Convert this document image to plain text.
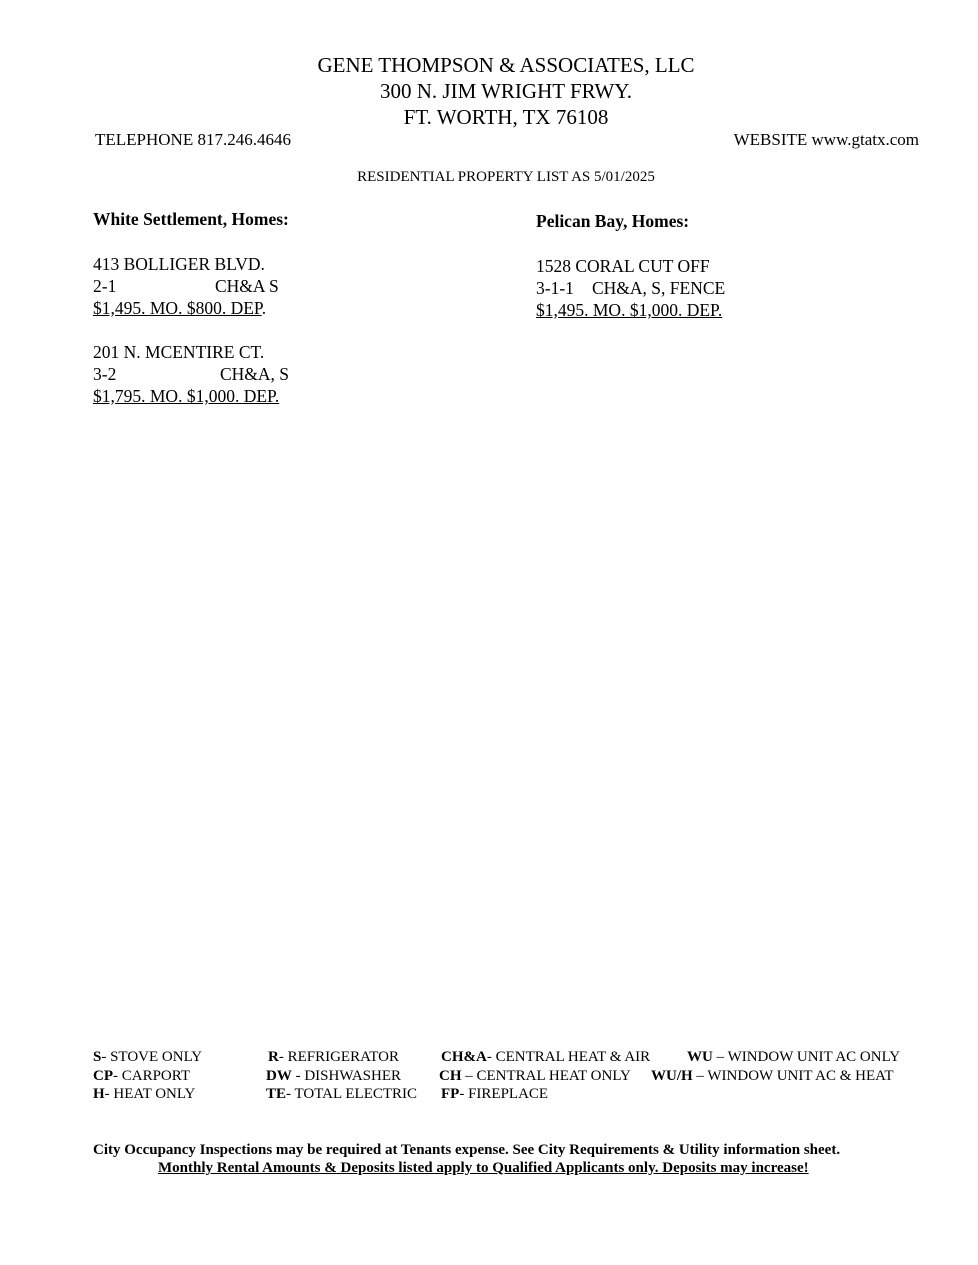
GENE THOMPSON & ASSOCIATES, LLC
300 N. JIM WRIGHT FRWY.
FT. WORTH, TX 76108
TELEPHONE 817.246.4646	WEBSITE www.gtatx.com
RESIDENTIAL PROPERTY LIST AS 5/01/2025
White Settlement, Homes:
413 BOLLIGER BLVD.
2-1	CH&A S
$1,495. MO. $800. DEP.
201 N. MCENTIRE CT.
3-2	CH&A, S
$1,795. MO. $1,000. DEP.
Pelican Bay, Homes:
1528 CORAL CUT OFF
3-1-1 CH&A, S, FENCE
$1,495. MO. $1,000. DEP.
S- STOVE ONLY	R- REFRIGERATOR	CH&A- CENTRAL HEAT & AIR WU – WINDOW UNIT AC ONLY
CP- CARPORT	DW - DISHWASHER	CH – CENTRAL HEAT ONLY WU/H – WINDOW UNIT AC & HEAT
H- HEAT ONLY	TE- TOTAL ELECTRIC FP- FIREPLACE
City Occupancy Inspections may be required at Tenants expense. See City Requirements & Utility information sheet.
Monthly Rental Amounts & Deposits listed apply to Qualified Applicants only. Deposits may increase!
